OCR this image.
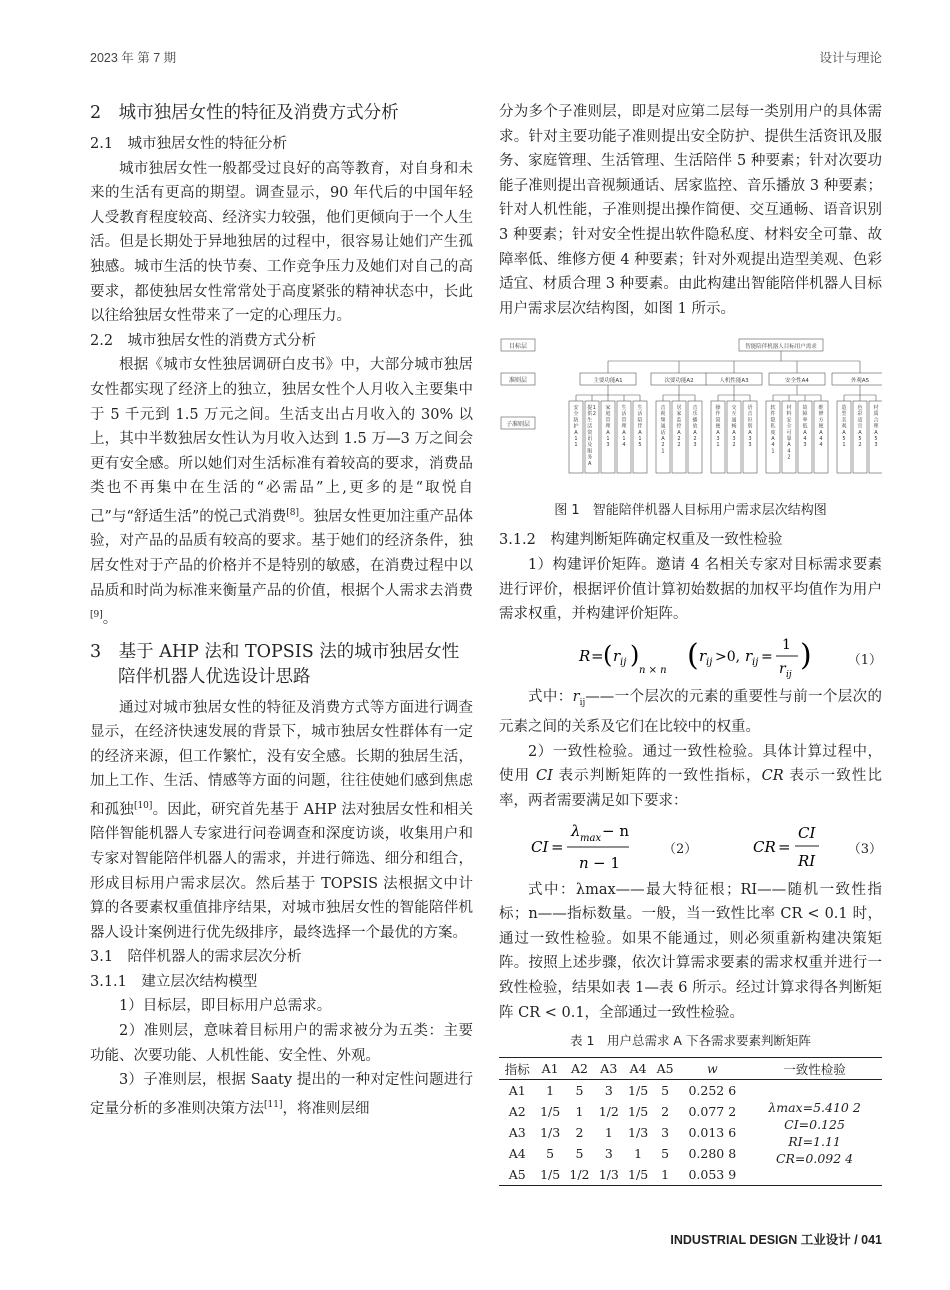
2023 年 第 7 期	设计与理论
2　城市独居女性的特征及消费方式分析
2.1　城市独居女性的特征分析

城市独居女性一般都受过良好的高等教育，对自身和未来的生活有更高的期望。调查显示，90 年代后的中国年轻人受教育程度较高、经济实力较强，他们更倾向于一个人生活。但是长期处于异地独居的过程中，很容易让她们产生孤独感。城市生活的快节奏、工作竞争压力及她们对自己的高要求，都使独居女性常常处于高度紧张的精神状态中，长此以往给独居女性带来了一定的心理压力。

2.2　城市独居女性的消费方式分析

根据《城市女性独居调研白皮书》中，大部分城市独居女性都实现了经济上的独立，独居女性个人月收入主要集中于 5 千元到 1.5 万元之间。生活支出占月收入的 30% 以上，其中半数独居女性认为月收入达到 1.5 万—3 万之间会更有安全感。所以她们对生活标准有着较高的要求，消费品类也不再集中在生活的“必需品”上,更多的是“取悦自己”与“舒适生活”的悦己式消费[8]。独居女性更加注重产品体验，对产品的品质有较高的要求。基于她们的经济条件，独居女性对于产品的价格并不是特别的敏感，在消费过程中以品质和时尚为标准来衡量产品的价值，根据个人需求去消费[9]。

3　基于 AHP 法和 TOPSIS 法的城市独居女性陪伴机器人优选设计思路

通过对城市独居女性的特征及消费方式等方面进行调查显示，在经济快速发展的背景下，城市独居女性群体有一定的经济来源，但工作繁忙，没有安全感。长期的独居生活，加上工作、生活、情感等方面的问题，往往使她们感到焦虑和孤独[10]。因此，研究首先基于 AHP 法对独居女性和相关陪伴智能机器人专家进行问卷调查和深度访谈，收集用户和专家对智能陪伴机器人的需求，并进行筛选、细分和组合，形成目标用户需求层次。然后基于 TOPSIS 法根据文中计算的各要素权重值排序结果，对城市独居女性的智能陪伴机器人设计案例进行优先级排序，最终选择一个最优的方案。

3.1　陪伴机器人的需求层次分析
3.1.1　建立层次结构模型

1）目标层，即目标用户总需求。

2）准则层，意味着目标用户的需求被分为五类：主要功能、次要功能、人机性能、安全性、外观。

3）子准则层，根据 Saaty 提出的一种对定性问题进行定量分析的多准则决策方法[11]，将准则层细

分为多个子准则层，即是对应第二层每一类别用户的具体需求。针对主要功能子准则提出安全防护、提供生活资讯及服务、家庭管理、生活管理、生活陪伴 5 种要素；针对次要功能子准则提出音视频通话、居家监控、音乐播放 3 种要素；针对人机性能，子准则提出操作简便、交互通畅、语音识别 3 种要素；针对安全性提出软件隐私度、材料安全可靠、故障率低、维修方便 4 种要素；针对外观提出造型美观、色彩适宜、材质合理 3 种要素。由此构建出智能陪伴机器人目标用户需求层次结构图，如图 1 所示。

目标层
准则层
子准则层
智能陪伴机器人目标用户需求
主要功能A1
安全防护 A 1 1
提供生活资讯及服务 A1 2
家庭管理 A 1 3
生活管理 A 1 4
生活陪伴 A 1 5
次要功能A2
音视频通话 A 2 1
居家监控 A 2 2
音乐播放 A 2 3
人机性能A3
操作简便 A 3 1
交互通畅 A 3 2
语音识别 A 3 3
安全性A4
软件隐私度 A 4 1
材料安全可靠 A 4 2
故障率低 A 4 3
维修方便 A 4 4
外观A5
造型美观 A 5 1
色彩适宜 A 5 2
材质合理 A 5 3
图 1　智能陪伴机器人目标用户需求层次结构图
3.1.2　构建判断矩阵确定权重及一致性检验

1）构建评价矩阵。邀请 4 名相关专家对目标需求要素进行评价，根据评价值计算初始数据的加权平均值作为用户需求权重，并构建评价矩阵。

R = ( r ij )
n × n ( r ij >0, r ij =
1
r ij
)	（1）

式中：$r_{ij}——$一个层次的元素的重要性与前一个层次的元素之间的关系及它们在比较中的权重。

2）一致性检验。通过一致性检验。具体计算过程中，使用 CI 表示判断矩阵的一致性指标，CR 表示一致性比率，两者需要满足如下要求：

CI =
λ max − n
n − 1
CR =
CI
RI
（2）	（3）

式中：λmax——最大特征根；RI——随机一致性指标；n——指标数量。一般，当一致性比率 CR < 0.1 时，通过一致性检验。如果不能通过，则必须重新构建决策矩阵。按照上述步骤，依次计算需求要素的需求权重并进行一致性检验，结果如表 1—表 6 所示。经过计算求得各判断矩阵 CR < 0.1，全部通过一致性检验。

表 1　用户总需求 A 下各需求要素判断矩阵
指标	A1	A2	A3	A4	A5	w	一致性检验
A1	1	5	3	1/5	5	0.252 6	λmax=5.410 2
CI=0.125
RI=1.11
CR=0.092 4

A2	1/5	1	1/2	1/5	2	0.077 2	
A3	1/3	2	1	1/3	3	0.013 6	
A4	5	5	3	1	5	0.280 8	
A5	1/5	1/2	1/3	1/5	1	0.053 9	
INDUSTRIAL DESIGN 工业设计 / 041
